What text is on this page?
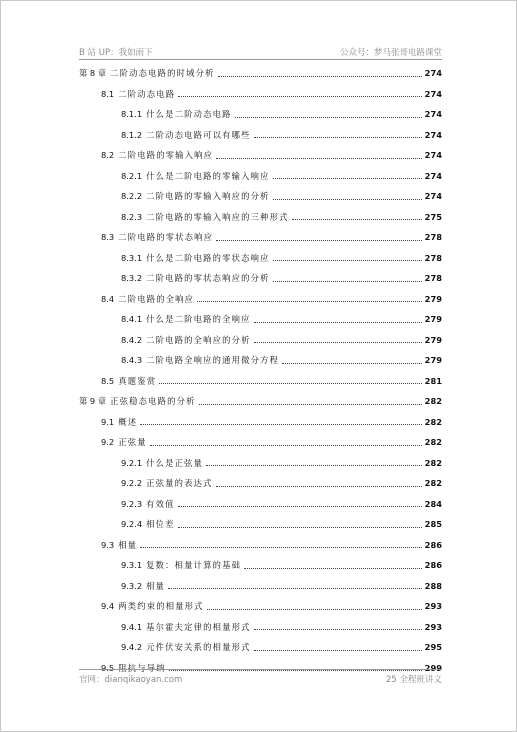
B 站 UP：我如雨下	公众号：梦马张哥电路课堂
第 8 章 二阶动态电路的时域分析	274
8.1 二阶动态电路	274
8.1.1 什么是二阶动态电路	274
8.1.2 二阶动态电路可以有哪些	274
8.2 二阶电路的零输入响应	274
8.2.1 什么是二阶电路的零输入响应	274
8.2.2 二阶电路的零输入响应的分析	274
8.2.3 二阶电路的零输入响应的三种形式	275
8.3 二阶电路的零状态响应	278
8.3.1 什么是二阶电路的零状态响应	278
8.3.2 二阶电路的零状态响应的分析	278
8.4 二阶电路的全响应	279
8.4.1 什么是二阶电路的全响应	279
8.4.2 二阶电路的全响应的分析	279
8.4.3 二阶电路全响应的通用微分方程	279
8.5 真题鉴赏	281
第 9 章 正弦稳态电路的分析	282
9.1 概述	282
9.2 正弦量	282
9.2.1 什么是正弦量	282
9.2.2 正弦量的表达式	282
9.2.3 有效值	284
9.2.4 相位差	285
9.3 相量	286
9.3.1 复数：相量计算的基础	286
9.3.2 相量	288
9.4 两类约束的相量形式	293
9.4.1 基尔霍夫定律的相量形式	293
9.4.2 元件伏安关系的相量形式	295
9.5 阻抗与导纳	299
官网：dianqikaoyan.com	25 全程班讲义
